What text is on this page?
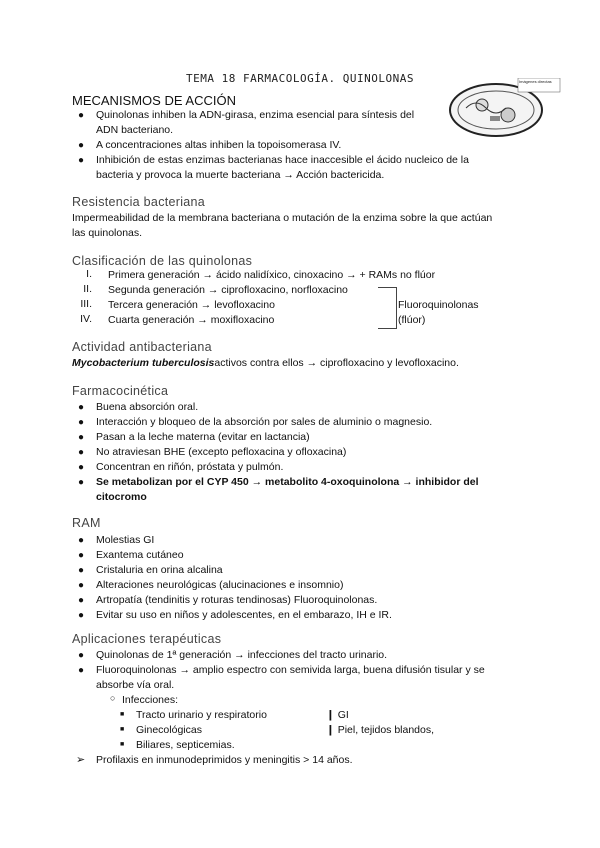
TEMA 18 FARMACOLOGÍA. QUINOLONAS	Imágenes directas
MECANISMOS DE ACCIÓN
● Quinolonas inhiben la ADN-girasa, enzima esencial para síntesis del
ADN bacteriano.
● A concentraciones altas inhiben la topoisomerasa IV.
● Inhibición de estas enzimas bacterianas hace inaccesible el ácido nucleico de la
bacteria y provoca la muerte bacteriana → Acción bactericida.
Resistencia bacteriana
Impermeabilidad de la membrana bacteriana o mutación de la enzima sobre la que actúan
las quinolonas.
Clasificación de las quinolonas
I. Primera generación → ácido nalidíxico, cinoxacino → + RAMs no flúor
II. Segunda generación → ciprofloxacino, norfloxacino
III. Tercera generación → levofloxacino
IV. Cuarta generación → moxifloxacino
Fluoroquinolonas
(flúor)
Actividad antibacteriana
Mycobacterium tuberculosisactivos contra ellos → ciprofloxacino y levofloxacino.
Farmacocinética
● Buena absorción oral.
● Interacción y bloqueo de la absorción por sales de aluminio o magnesio.
● Pasan a la leche materna (evitar en lactancia)
● No atraviesan BHE (excepto pefloxacina y ofloxacina)
● Concentran en riñón, próstata y pulmón.
● Se metabolizan por el CYP 450 → metabolito 4-oxoquinolona → inhibidor del
citocromo
RAM
● Molestias GI
● Exantema cutáneo
● Cristaluria en orina alcalina
● Alteraciones neurológicas (alucinaciones e insomnio)
● Artropatía (tendinitis y roturas tendinosas) Fluoroquinolonas.
● Evitar su uso en niños y adolescentes, en el embarazo, IH e IR.
Aplicaciones terapéuticas
● Quinolonas de 1ª generación → infecciones del tracto urinario.
● Fluoroquinolonas → amplio espectro con semivida larga, buena difusión tisular y se
absorbe vía oral.
○ Infecciones:
■ Tracto urinario y respiratorio
■ Ginecológicas
■ Biliares, septicemias.
❙ GI
❙ Piel, tejidos blandos,
➢ Profilaxis en inmunodeprimidos y meningitis > 14 años.
